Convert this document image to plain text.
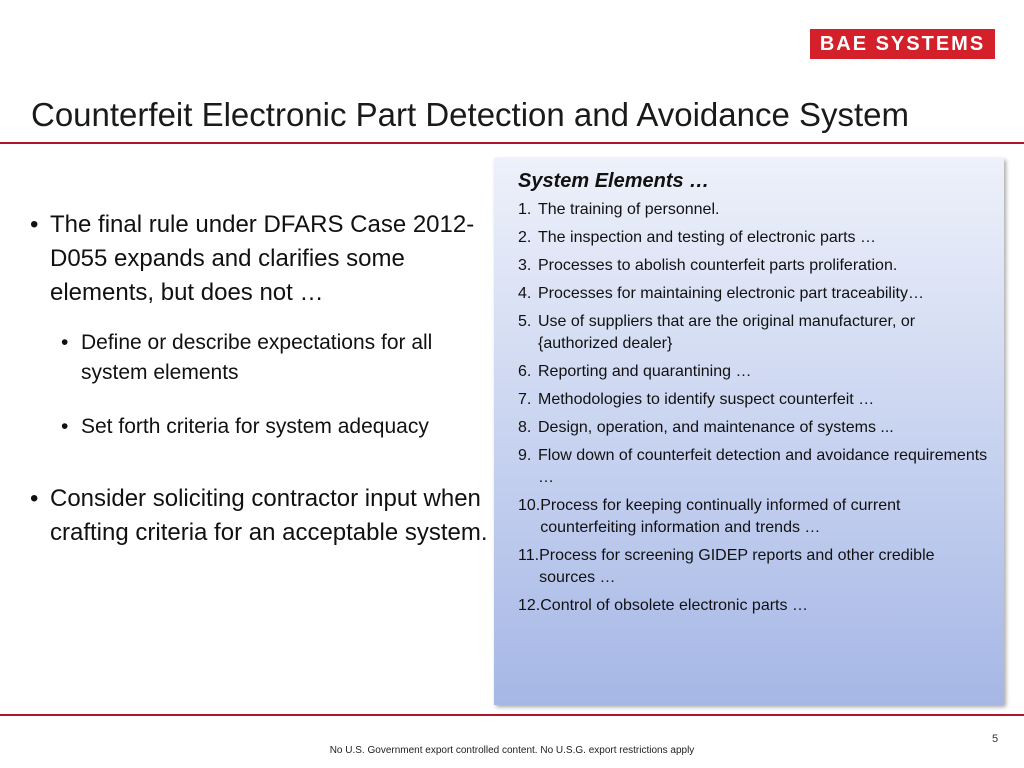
BAE SYSTEMS
Counterfeit Electronic Part Detection and Avoidance System
• The final rule under DFARS Case 2012-D055 expands and clarifies some elements, but does not …
• Define or describe expectations for all system elements
• Set forth criteria for system adequacy
• Consider soliciting contractor input when crafting criteria for an acceptable system.
System Elements …
1. The training of personnel.
2. The inspection and testing of electronic parts …
3. Processes to abolish counterfeit parts proliferation.
4. Processes for maintaining electronic part traceability…
5. Use of suppliers that are the original manufacturer, or {authorized dealer}
6. Reporting and quarantining …
7. Methodologies to identify suspect counterfeit …
8. Design, operation, and maintenance of systems ...
9. Flow down of counterfeit detection and avoidance requirements …
10. Process for keeping continually informed of current counterfeiting information and trends …
11. Process for screening GIDEP reports and other credible sources …
12. Control of obsolete electronic parts …
5
No U.S. Government export controlled content. No U.S.G. export restrictions apply
